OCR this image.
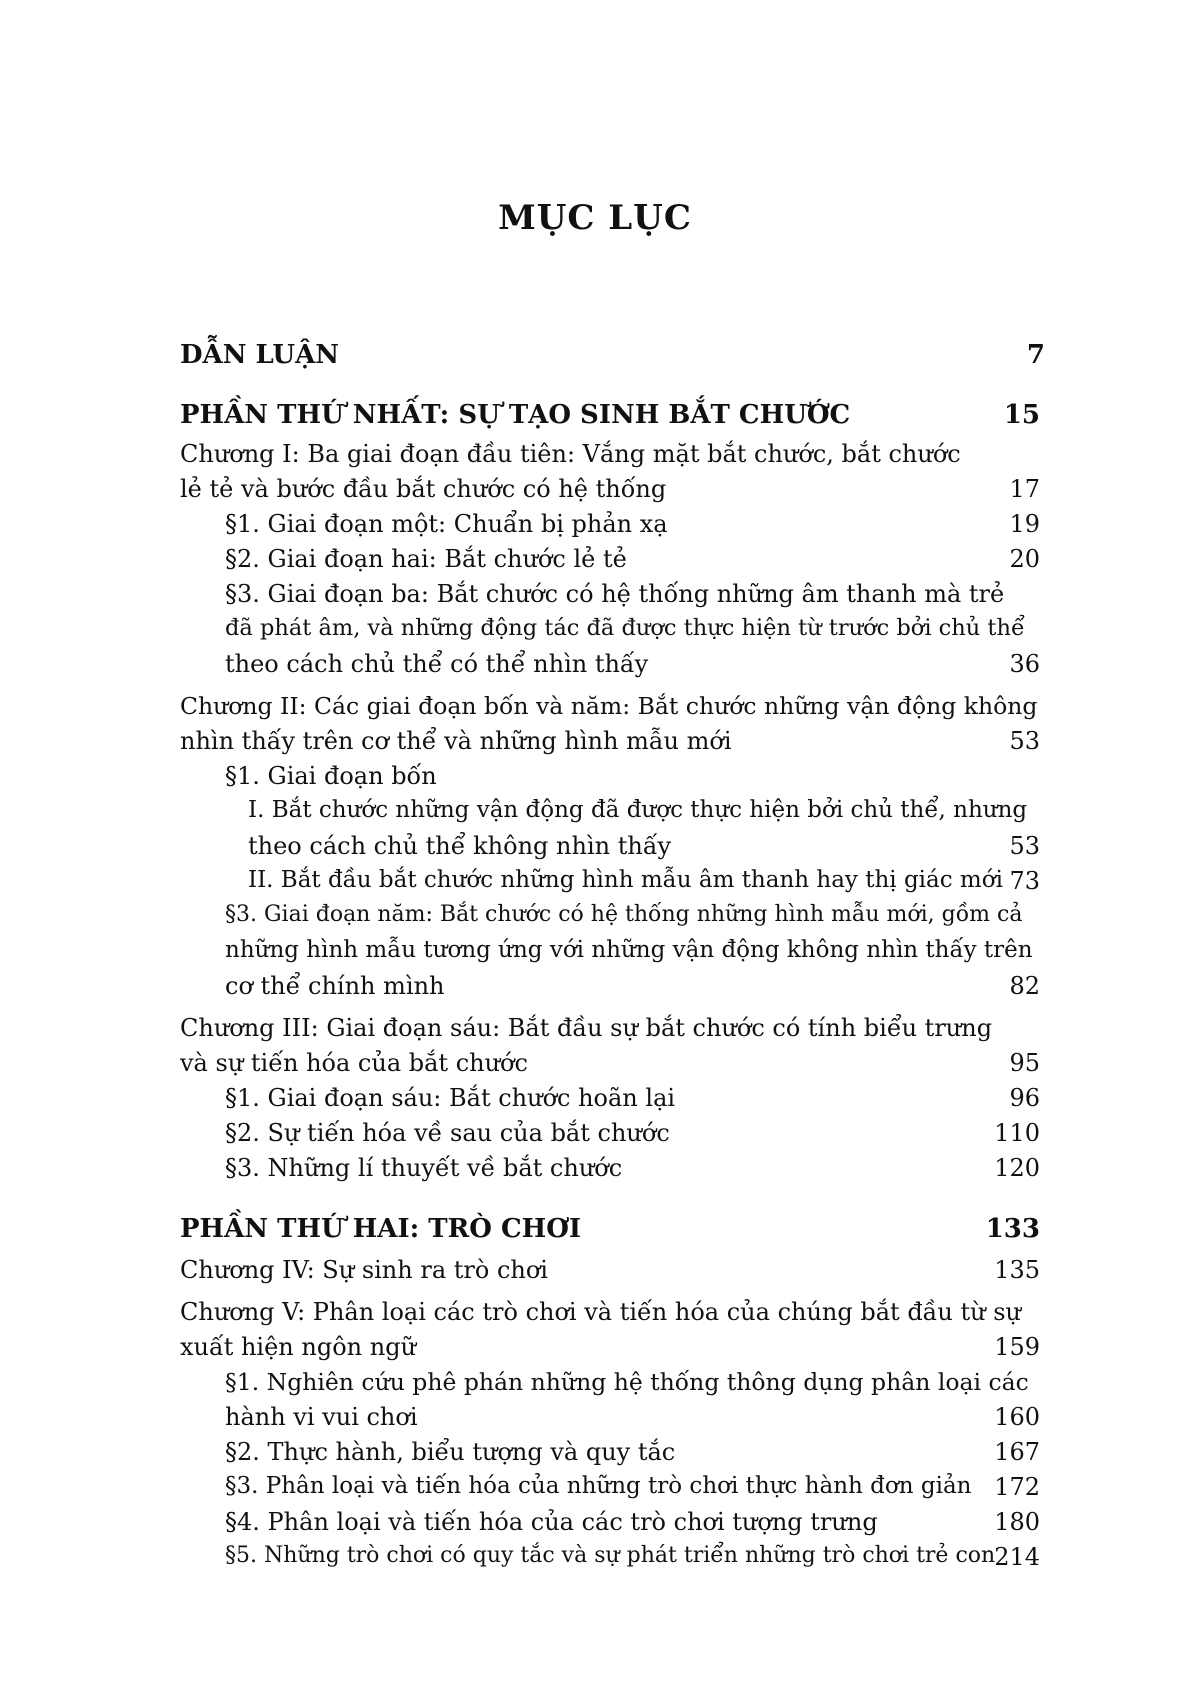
MỤC LỤC
DẪN LUẬN	7
PHẦN THỨ NHẤT: SỰ TẠO SINH BẮT CHƯỚC	15
Chương I: Ba giai đoạn đầu tiên: Vắng mặt bắt chước, bắt chước
lẻ tẻ và bước đầu bắt chước có hệ thống	17
§1. Giai đoạn một: Chuẩn bị phản xạ	19
§2. Giai đoạn hai: Bắt chước lẻ tẻ	20
§3. Giai đoạn ba: Bắt chước có hệ thống những âm thanh mà trẻ
đã phát âm, và những động tác đã được thực hiện từ trước bởi chủ thể
theo cách chủ thể có thể nhìn thấy	36
Chương II: Các giai đoạn bốn và năm: Bắt chước những vận động không
nhìn thấy trên cơ thể và những hình mẫu mới	53
§1. Giai đoạn bốn
I. Bắt chước những vận động đã được thực hiện bởi chủ thể, nhưng
theo cách chủ thể không nhìn thấy	53
II. Bắt đầu bắt chước những hình mẫu âm thanh hay thị giác mới 73
§3. Giai đoạn năm: Bắt chước có hệ thống những hình mẫu mới, gồm cả
những hình mẫu tương ứng với những vận động không nhìn thấy trên
cơ thể chính mình	82
Chương III: Giai đoạn sáu: Bắt đầu sự bắt chước có tính biểu trưng
và sự tiến hóa của bắt chước	95
§1. Giai đoạn sáu: Bắt chước hoãn lại	96
§2. Sự tiến hóa về sau của bắt chước	110
§3. Những lí thuyết về bắt chước	120
PHẦN THỨ HAI: TRÒ CHƠI	133
Chương IV: Sự sinh ra trò chơi	135
Chương V: Phân loại các trò chơi và tiến hóa của chúng bắt đầu từ sự
xuất hiện ngôn ngữ	159
§1. Nghiên cứu phê phán những hệ thống thông dụng phân loại các
hành vi vui chơi	160
§2. Thực hành, biểu tượng và quy tắc	167
§3. Phân loại và tiến hóa của những trò chơi thực hành đơn giản 172
§4. Phân loại và tiến hóa của các trò chơi tượng trưng	180
§5. Những trò chơi có quy tắc và sự phát triển những trò chơi trẻ con 214
